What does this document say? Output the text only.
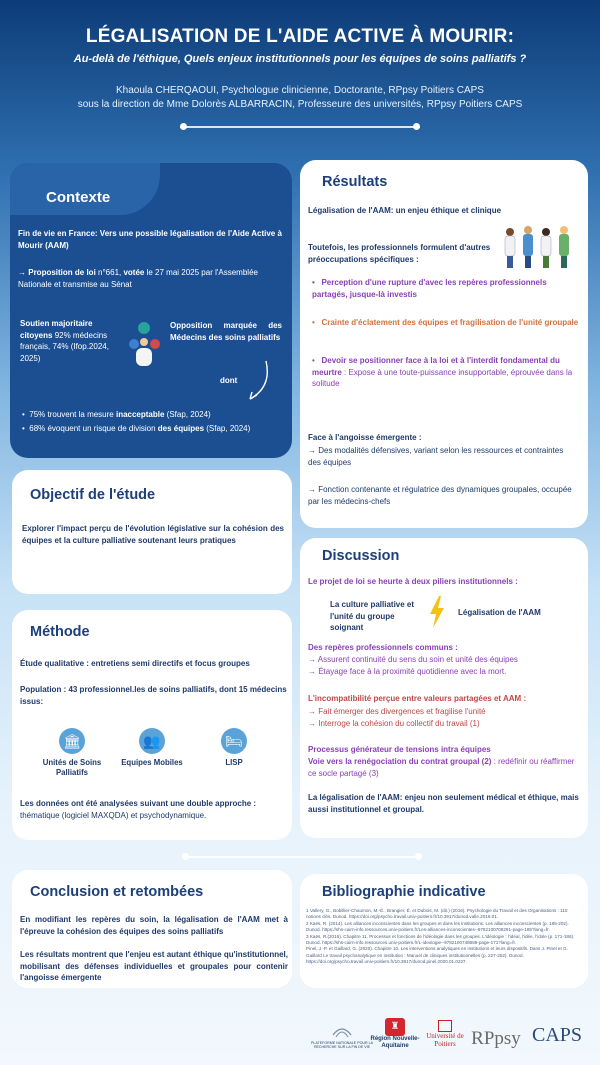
LÉGALISATION DE L'AIDE ACTIVE À MOURIR:
Au-delà de l'éthique, Quels enjeux institutionnels pour les équipes de soins palliatifs ?
Khaoula CHERQAOUI, Psychologue clinicienne, Doctorante, RPpsy Poitiers CAPS
sous la direction de Mme Dolorès ALBARRACIN, Professeure des universités, RPpsy Poitiers CAPS
Contexte
Fin de vie en France: Vers une possible légalisation de l'Aide Active à Mourir (AAM)
→ Proposition de loi n°661, votée le 27 mai 2025 par l'Assemblée Nationale et transmise au Sénat
Soutien majoritaire citoyens 92% médecins français, 74% (Ifop.2024, 2025)
Opposition marquée des Médecins des soins palliatifs
dont
•  75% trouvent la mesure inacceptable (Sfap, 2024)
•  68% évoquent un risque de division des équipes (Sfap, 2024)
Objectif de l'étude
Explorer l'impact perçu de l'évolution législative sur la cohésion des équipes et la culture palliative soutenant leurs pratiques
Méthode
Étude qualitative : entretiens semi directifs et focus groupes
Population : 43 professionnel.les de soins palliatifs, dont 15 médecins issus:
🏛
Unités de Soins Palliatifs
👥
Equipes Mobiles
🛏
LISP
Les données ont été analysées suivant une double approche : thématique (logiciel MAXQDA) et psychodynamique.
Conclusion et retombées
En modifiant les repères du soin, la légalisation de l'AAM met à l'épreuve la cohésion des équipes des soins palliatifs
Les résultats montrent que l'enjeu est autant éthique qu'institutionnel, mobilisant des défenses individuelles et groupales pour contenir l'angoisse émergente
Résultats
Légalisation de l'AAM: un enjeu éthique et clinique
Toutefois, les professionnels formulent d'autres préoccupations spécifiques :
•   Perception d'une rupture d'avec les repères professionnels partagés, jusque-là investis
•   Crainte d'éclatement des équipes et fragilisation de l'unité groupale
•   Devoir se positionner face à la loi et à l'interdit fondamental du meurtre : Expose à une toute-puissance insupportable, éprouvée dans la solitude
Face à l'angoisse émergente :
→ Des modalités défensives, variant selon les ressources et contraintes des équipes
→ Fonction contenante et régulatrice des dynamiques groupales, occupée par les médecins-chefs
Discussion
Le projet de loi se heurte à deux piliers institutionnels :
La culture palliative et l'unité du groupe soignant
Légalisation de l'AAM
Des repères professionnels communs :
→ Assurent continuité du sens du soin et unité des équipes
→ Étayage face à la proximité quotidienne avec la mort.
L'incompatibilité perçue entre valeurs partagées et AAM :
→ Fait émerger des divergences et fragilise l'unité
→ Interroge la cohésion du collectif du travail (1)
Processus générateur de tensions intra équipes
Voie vers la renégociation du contrat groupal (2) : redéfinir ou réaffirmer ce socle partagé (3)
La légalisation de l'AAM: enjeu non seulement médical et éthique, mais aussi institutionnel et groupal.
Bibliographie indicative
1 Vallery, G., Bobillier-Chaumon, M.-É., Brangier, É. et Dubois, M. (dir.) (2016). Psychologie du Travail et des Organisations : 110 notions clés. Dunod. https://doi.org/psycho.travail.univ-poitiers.fr/10.3917/dunod.valle.2016.01.
2 Kaës, R. (2014). Les alliances inconscientes dans les groupes et dans les institutions. Les alliances inconscientes (p. 185-202). Dunod. https://shs-cairn-info.ressources.univ-poitiers.fr/Les-alliances-inconscientes--9782100708291-page-185?lang=fr.
3 Kaës, R.(2016). Chapitre 11. Processus et fonctions de l'idéologie dans les groupes. L'idéologie : l'idéal, l'idée, l'idole (p. 171-186). Dunod. https://shs-cairn-info.ressources.univ-poitiers.fr/L-ideologie--9782100748686-page-171?lang=fr.
Pinel, J.-P. et Gaillard, G. (2020). Chapitre 10. Les interventions analytiques en institutions et leurs dispositifs. Dans J. Pinel et G. Gaillard Le travail psychanalytique en institution : Manuel de cliniques institutionnelles (p. 227-252). Dunod. https://doi.org/psycho.travail.univ-poitiers.fr/10.3917/dunod.pinel.2020.01.0227.
PLATEFORME NATIONALE POUR LA RECHERCHE SUR LA FIN DE VIE
♜
Région Nouvelle-Aquitaine
Université de Poitiers RPpsy CAPS
